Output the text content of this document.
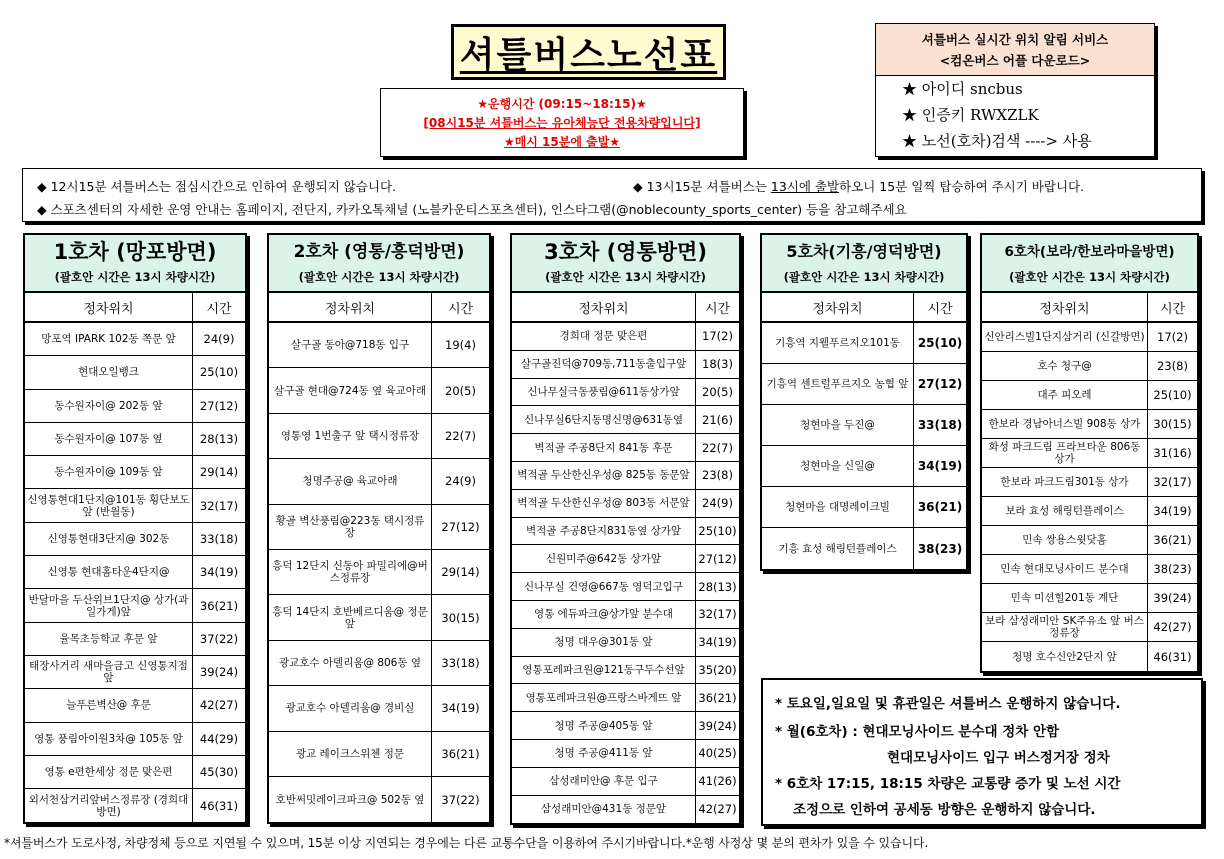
셔틀버스노선표
★운행시간 (09:15~18:15)★
[08시15분 셔틀버스는 유아체능단 전용차량입니다]
★매시 15분에 출발★
셔틀버스 실시간 위치 알림 서비스
<컴온버스 어플 다운로드>
★ 아이디 sncbus
★ 인증키 RWXZLK
★ 노선(호차)검색 ----> 사용
◆ 12시15분 셔틀버스는 점심시간으로 인하여 운행되지 않습니다.	◆ 13시15분 셔틀버스는 13시에 출발하오니 15분 일찍 탑승하여 주시기 바랍니다.
◆ 스포츠센터의 자세한 운영 안내는 홈페이지, 전단지, 카카오톡채널 (노블카운티스포츠센터), 인스타그램(@noblecounty_sports_center) 등을 참고해주세요
1호차 (망포방면)
(괄호안 시간은 13시 차량시간)
정차위치	시간
망포역 IPARK 102동 쪽문 앞	24(9)
현대오일뱅크	25(10)
동수원자이@ 202동 앞	27(12)
동수원자이@ 107동 옆	28(13)
동수원자이@ 109동 앞	29(14)
신영통현대1단지@101동 횡단보도 앞 (반월동)	32(17)
신영통현대3단지@ 302동	33(18)
신영통 현대홈타운4단지@	34(19)
반달마을 두산위브1단지@ 상가(과일가게)앞	36(21)
율목초등학교 후문 앞	37(22)
태장사거리 새마을금고 신영통지점 앞	39(24)
늘푸른벽산@ 후문	42(27)
영통 풍림아이원3차@ 105동 앞	44(29)
영통 e편한세상 정문 맞은편	45(30)
외서천삼거리앞버스정류장 (경희대방면)	46(31)
2호차 (영통/흥덕방면)
(괄호안 시간은 13시 차량시간)
정차위치	시간
살구골 동아@718동 입구	19(4)
살구골 현대@724동 옆 육교아래	20(5)
영통영 1번출구 앞 택시정류장	22(7)
청명주공@ 육교아래	24(9)
황골 벽산풍림@223동 택시정류장	27(12)
흥덕 12단지 신동아 파밀리에@버스정류장	29(14)
흥덕 14단지 호반베르디움@ 정문 앞	30(15)
광교호수 아델리움@ 806동 옆	33(18)
광교호수 아델리움@ 경비실	34(19)
광교 레이크스위첸 정문	36(21)
호반써밋레이크파크@ 502동 옆	37(22)
3호차 (영통방면)
(괄호안 시간은 13시 차량시간)
정차위치	시간
경희대 정문 맞은편	17(2)
살구골진덕@709동,711동출입구앞	18(3)
신나무실극동풍림@611동상가앞	20(5)
신나무실6단지동명신명@631동옆	21(6)
벽적골 주공8단지 841동 후문	22(7)
벽적골 두산한신우성@ 825동 동문앞	23(8)
벽적골 두산한신우성@ 803동 서문앞	24(9)
벽적골 주공8단지831동옆 상가앞	25(10)
신원미주@642동 상가앞	27(12)
신나무실 건영@667동 영덕고입구	28(13)
영통 에듀파크@상가앞 분수대	32(17)
청명 대우@301동 앞	34(19)
영통포레파크원@121동구두수선앞	35(20)
영통포레파크원@프랑스바게뜨 앞	36(21)
청명 주공@405동 앞	39(24)
청명 주공@411동 앞	40(25)
삼성래미안@ 후문 입구	41(26)
삼성래미안@431동 정문앞	42(27)
5호차(기흥/영덕방면)
(괄호안 시간은 13시 차량시간)
정차위치	시간
기흥역 지웰푸르지오101동	25(10)
기흥역 센트럴푸르지오 농협 앞 27(12)
청현마을 두진@	33(18)
청현마을 신일@	34(19)
청현마을 대명레이크빌	36(21)
기흥 효성 해링턴플레이스	38(23)
6호차(보라/한보라마을방면)
(괄호안 시간은 13시 차량시간)
정차위치	시간
신안리스빌1단지삼거리 (신갈방면)	17(2)
호수 청구@	23(8)
대주 피오레	25(10)
한보라 경남아너스빌 908동 상가	30(15)
화성 파크드림 프라브타운 806동 상가	31(16)
한보라 파크드림301동 상가	32(17)
보라 효성 해링턴플레이스	34(19)
민속 쌍용스윗닷홈	36(21)
민속 현대모닝사이드 분수대	38(23)
민속 미션힐201동 계단	39(24)
보라 삼성래미안 SK주유소 앞 버스정류장	42(27)
청명 호수신안2단지 앞	46(31)
* 토요일,일요일 및 휴관일은 셔틀버스 운행하지 않습니다.
* 월(6호차) : 현대모닝사이드 분수대 정차 안함
현대모닝사이드 입구 버스정거장 정차
* 6호차 17:15, 18:15 차량은 교통량 증가 및 노선 시간
조정으로 인하여 공세동 방향은 운행하지 않습니다.
*셔틀버스가 도로사정, 차량정체 등으로 지연될 수 있으며, 15분 이상 지연되는 경우에는 다른 교통수단을 이용하여 주시기바랍니다.*운행 사정상 몇 분의 편차가 있을 수 있습니다.
